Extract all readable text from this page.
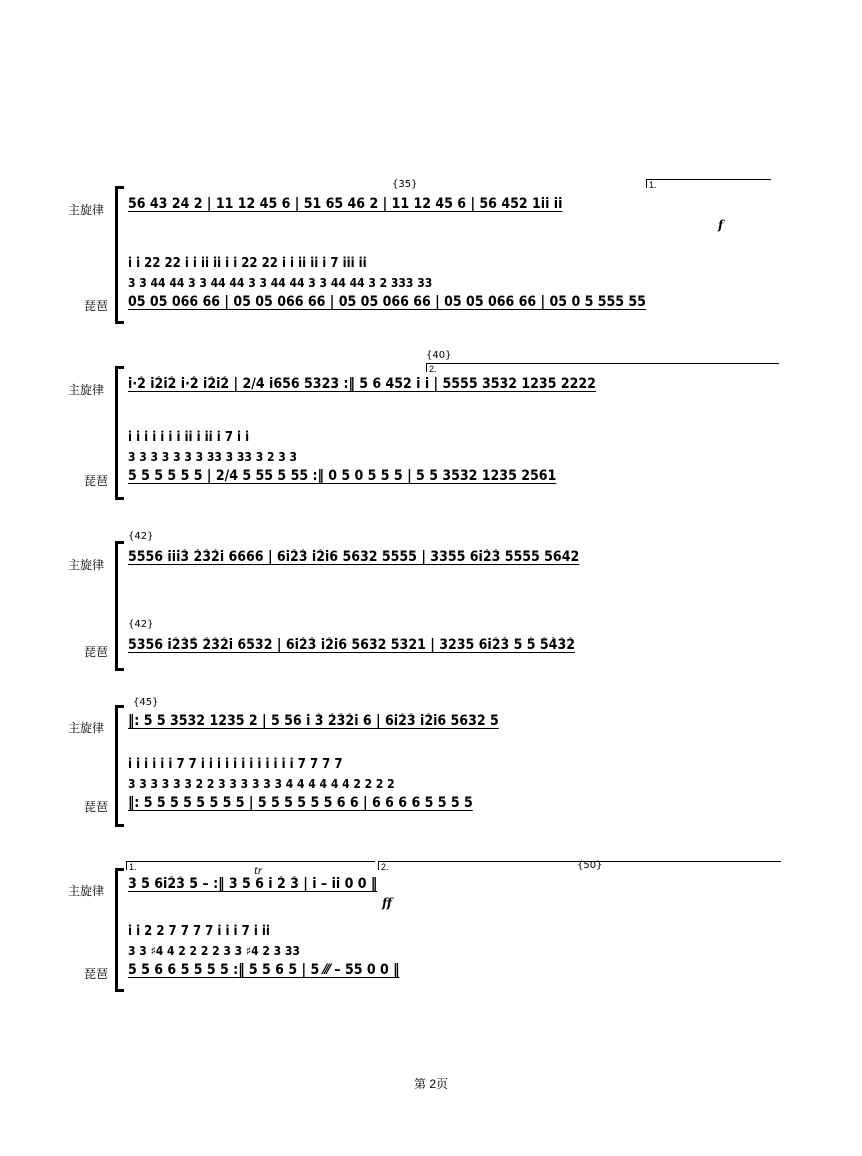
主旋律
琵琶
{35}	1.
56 43 24 2 | 11 12 45 6 | 51 65 46 2 | 11 12 45 6 | 56 452 1i̇i̇ i̇i̇
f
i̇ i̇ 2̇2̇ 2̇2̇ i̇ i̇ i̇i̇ i̇i̇ i̇ i̇ 2̇2̇ 2̇2̇ i̇ i̇ i̇i̇ i̇i̇ i̇ 7 i̇i̇i̇ i̇i̇
3 3 44 44 3 3 44 44 3 3 44 44 3 3 44 44 3 2 333 33
05 05 066 66 | 05 05 066 66 | 05 05 066 66 | 05 05 066 66 | 05 0 5 555 55
主旋律
琵琶
2.
{40}
i̇·2̇ i̇2̇i̇2̇ i̇·2̇ i̇2̇i̇2̇ | 2/4 i̇656 5323 :‖ 5 6 452 i̇ i̇ | 5555 3532 1235 2222
i̇ i̇ i̇ i̇ i̇ i̇ i̇ i̇i̇ i̇ i̇i̇ i̇ 7 i̇ i̇
3 3 3 3 3 3 3 33 3 33 3 2 3 3
5 5 5 5 5 5 | 2/4 5 55 5 55 :‖ 0 5 0 5 5 5 | 5 5 3532 1235 2561
主旋律
琵琶
{42}
5556 i̇i̇i̇3̇ 2̇3̇2̇i̇ 6666 | 6i̇2̇3̇ i̇2̇i̇6 5632 5555 | 3355 6i̇2̇3̇ 5555 5642
{42}
5356 i̇2̇3̇5̇ 2̇3̇2̇i̇ 6532 | 6i̇2̇3̇ i̇2̇i̇6 5632 5321 | 3235 6i̇2̇3̇ 5 5̇ 5̇4̇3̇2̇
主旋律
琵琶
{45}
‖: 5 5 3532 1235 2 | 5 56 i̇ 3̇ 2̇3̇2̇i̇ 6 | 6i̇2̇3̇ i̇2̇i̇6 5632 5
i̇ i̇ i̇ i̇ i̇ i̇ 7 7 i̇ i̇ i̇ i̇ i̇ i̇ i̇ i̇ i̇ i̇ i̇ i̇ 7 7 7 7
3 3 3 3 3 3 2 2 3 3 3 3 3 3 4 4 4 4 4 4 2 2 2 2
‖: 5 5 5 5 5 5 5 5 | 5 5 5 5 5 5 6 6 | 6 6 6 6 5 5 5 5
主旋律
琵琶
1.	2.	{50}
tr
3 5 6i̇2̇3̇ 5 – :‖ 3 5 6 i̇ 2̇ 3̇ | i̇ – i̇i̇ 0 0 ‖
ff
i̇ i̇ 2̇ 2̇ 7 7 7 7 i̇ i̇ i̇ 7 i̇ i̇i̇
3 3 ♯4 4 2 2 2 2 3 3 ♯4 2 3 33
5 5 6 6 5 5 5 5 :‖ 5 5 6 5 | 5 ⁄⁄⁄ – 55 0 0 ‖
第 2页
